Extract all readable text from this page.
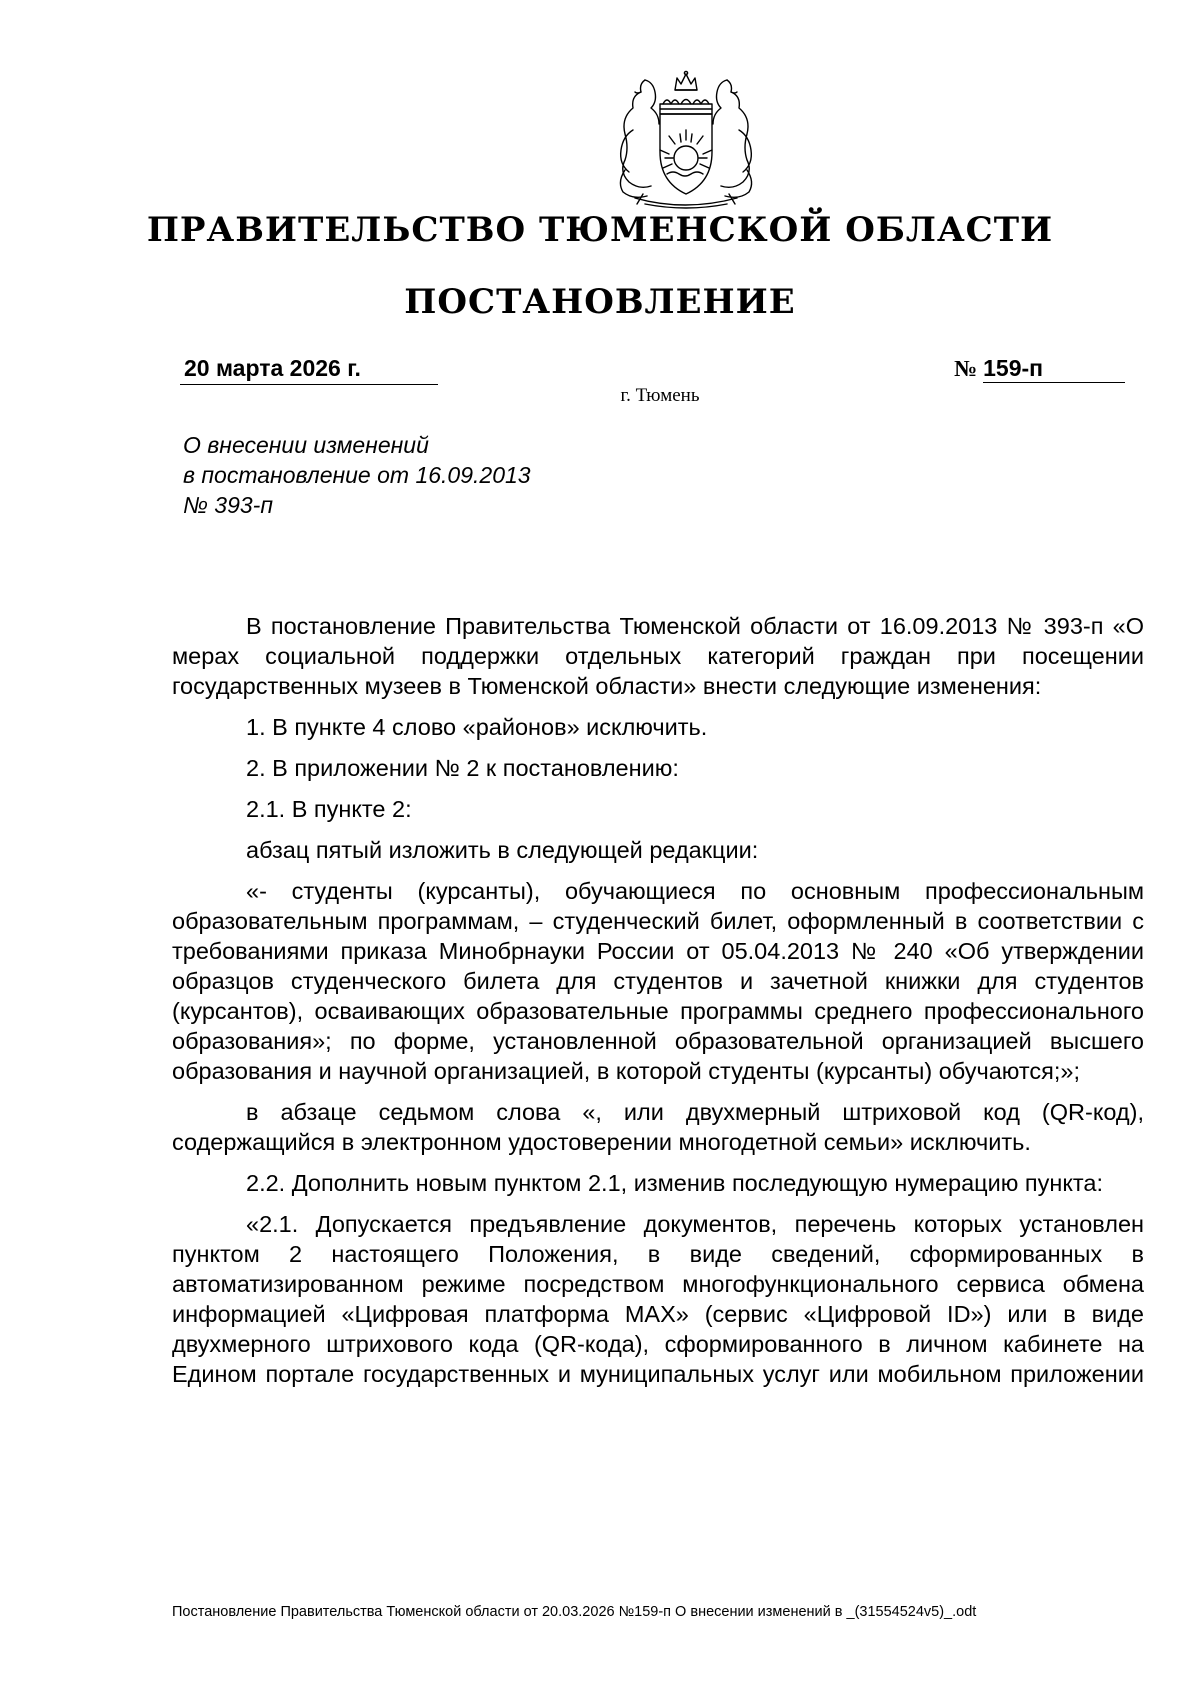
ПРАВИТЕЛЬСТВО ТЮМЕНСКОЙ ОБЛАСТИ
ПОСТАНОВЛЕНИЕ
20 марта 2026 г.	№ 159-п
г. Тюмень
О внесении изменений
в постановление от 16.09.2013
№ 393-п

В постановление Правительства Тюменской области от 16.09.2013 № 393-п «О мерах социальной поддержки отдельных категорий граждан при посещении государственных музеев в Тюменской области» внести следующие изменения:

1. В пункте 4 слово «районов» исключить.

2. В приложении № 2 к постановлению:

2.1. В пункте 2:

абзац пятый изложить в следующей редакции:

«- студенты (курсанты), обучающиеся по основным профессиональным образовательным программам, – студенческий билет, оформленный в соответствии с требованиями приказа Минобрнауки России от 05.04.2013 № 240 «Об утверждении образцов студенческого билета для студентов и зачетной книжки для студентов (курсантов), осваивающих образовательные программы среднего профессионального образования»; по форме, установленной образовательной организацией высшего образования и научной организацией, в которой студенты (курсанты) обучаются;»;

в абзаце седьмом слова «, или двухмерный штриховой код (QR-код), содержащийся в электронном удостоверении многодетной семьи» исключить.

2.2. Дополнить новым пунктом 2.1, изменив последующую нумерацию пункта:

«2.1. Допускается предъявление документов, перечень которых установлен пунктом 2 настоящего Положения, в виде сведений, сформированных в автоматизированном режиме посредством многофункционального сервиса обмена информацией «Цифровая платформа MAX» (сервис «Цифровой ID») или в виде двухмерного штрихового кода (QR-кода), сформированного в личном кабинете на Едином портале государственных и муниципальных услуг или мобильном приложении

Постановление Правительства Тюменской области от 20.03.2026 №159-п О внесении изменений в _(31554524v5)_.odt
